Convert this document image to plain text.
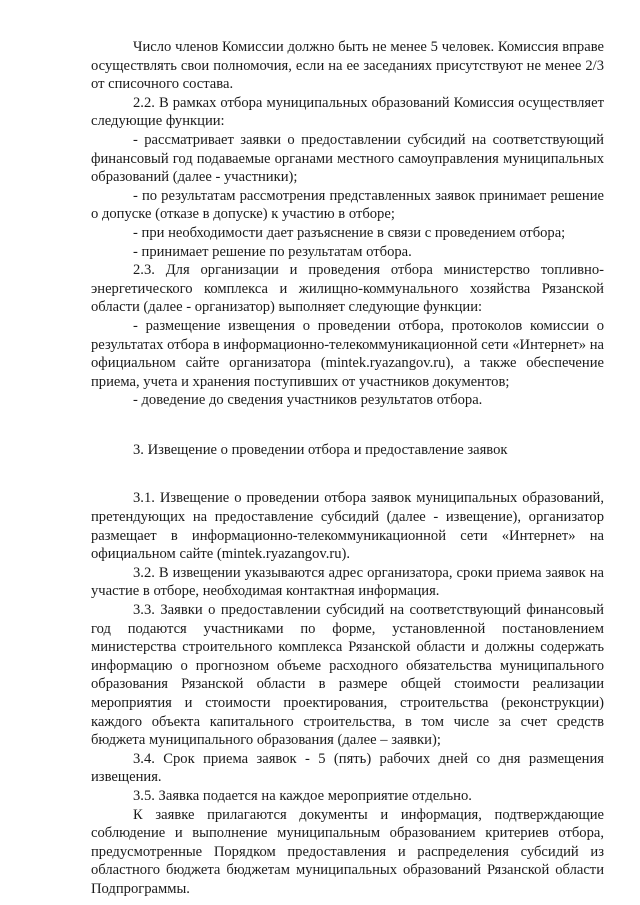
Число членов Комиссии должно быть не менее 5 человек. Комиссия вправе осуществлять свои полномочия, если на ее заседаниях присутствуют не менее 2/3 от списочного состава.

2.2. В рамках отбора муниципальных образований Комиссия осуществляет следующие функции:

- рассматривает заявки о предоставлении субсидий на соответствующий финансовый год подаваемые органами местного самоуправления муниципальных образований (далее - участники);

- по результатам рассмотрения представленных заявок принимает решение о допуске (отказе в допуске) к участию в отборе;

- при необходимости дает разъяснение в связи с проведением отбора;

- принимает решение по результатам отбора.

2.3. Для организации и проведения отбора министерство топливно-энергетического комплекса и жилищно-коммунального хозяйства Рязанской области (далее - организатор) выполняет следующие функции:

- размещение извещения о проведении отбора, протоколов комиссии о результатах отбора в информационно-телекоммуникационной сети «Интернет» на официальном сайте организатора (mintek.ryazangov.ru), а также обеспечение приема, учета и хранения поступивших от участников документов;

- доведение до сведения участников результатов отбора.

3. Извещение о проведении отбора и предоставление заявок

3.1. Извещение о проведении отбора заявок муниципальных образований, претендующих на предоставление субсидий (далее - извещение), организатор размещает в информационно-телекоммуникационной сети «Интернет» на официальном сайте (mintek.ryazangov.ru).

3.2. В извещении указываются адрес организатора, сроки приема заявок на участие в отборе, необходимая контактная информация.

3.3. Заявки о предоставлении субсидий на соответствующий финансовый год подаются участниками по форме, установленной постановлением министерства строительного комплекса Рязанской области и должны содержать информацию о прогнозном объеме расходного обязательства муниципального образования Рязанской области в размере общей стоимости реализации мероприятия и стоимости проектирования, строительства (реконструкции) каждого объекта капитального строительства, в том числе за счет средств бюджета муниципального образования (далее – заявки);

3.4. Срок приема заявок - 5 (пять) рабочих дней со дня размещения извещения.

3.5. Заявка подается на каждое мероприятие отдельно.

К заявке прилагаются документы и информация, подтверждающие соблюдение и выполнение муниципальным образованием критериев отбора, предусмотренные Порядком предоставления и распределения субсидий из областного бюджета бюджетам муниципальных образований Рязанской области Подпрограммы.
